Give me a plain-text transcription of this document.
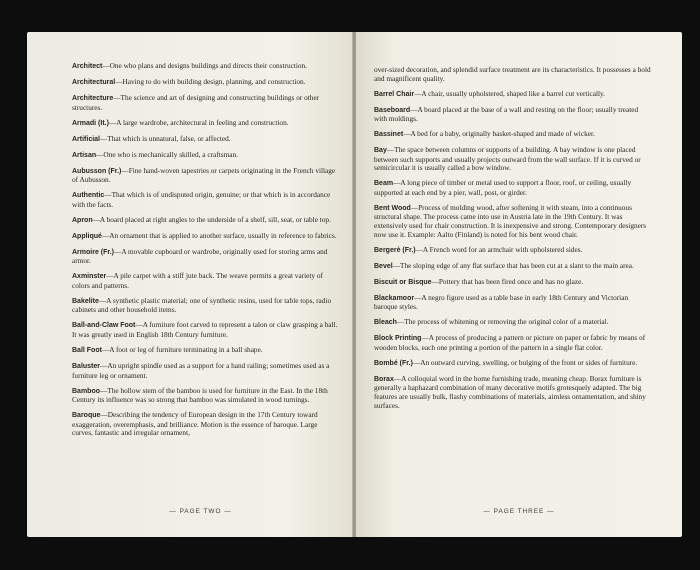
Architect—One who plans and designs buildings and directs their construction.
Architectural—Having to do with building design, planning, and construction.
Architecture—The science and art of designing and constructing buildings or other structures.
Armadi (It.)—A large wardrobe, architectural in feeling and construction.
Artificial—That which is unnatural, false, or affected.
Artisan—One who is mechanically skilled, a craftsman.
Aubusson (Fr.)—Fine hand-woven tapestries or carpets originating in the French village of Aubusson.
Authentic—That which is of undisputed origin, genuine; or that which is in accordance with the facts.
Apron—A board placed at right angles to the underside of a shelf, sill, seat, or table top.
Appliqué—An ornament that is applied to another surface, usually in reference to fabrics.
Armoire (Fr.)—A movable cupboard or wardrobe, originally used for storing arms and armor.
Axminster—A pile carpet with a stiff jute back. The weave permits a great variety of colors and patterns.
Bakelite—A synthetic plastic material; one of synthetic resins, used for table tops, radio cabinets and other household items.
Ball-and-Claw Foot—A furniture foot carved to represent a talon or claw grasping a ball. It was greatly used in English 18th Century furniture.
Ball Foot—A foot or leg of furniture terminating in a ball shape.
Baluster—An upright spindle used as a support for a hand railing; sometimes used as a furniture leg or ornament.
Bamboo—The hollow stem of the bamboo is used for furniture in the East. In the 18th Century its influence was so strong that bamboo was simulated in wood turnings.
Baroque—Describing the tendency of European design in the 17th Century toward exaggeration, overemphasis, and brilliance. Motion is the essence of baroque. Large curves, fantastic and irregular ornament,
— PAGE TWO —
over-sized decoration, and splendid surface treatment are its characteristics. It possesses a bold and magnificent quality.
Barrel Chair—A chair, usually upholstered, shaped like a barrel cut vertically.
Baseboard—A board placed at the base of a wall and resting on the floor; usually treated with moldings.
Bassinet—A bed for a baby, originally basket-shaped and made of wicker.
Bay—The space between columns or supports of a building. A bay window is one placed between such supports and usually projects outward from the wall surface. If it is curved or semicircular it is usually called a bow window.
Beam—A long piece of timber or metal used to support a floor, roof, or ceiling, usually supported at each end by a pier, wall, post, or girder.
Bent Wood—Process of molding wood, after softening it with steam, into a continuous structural shape. The process came into use in Austria late in the 19th Century. It was extensively used for chair construction. It is inexpensive and strong. Contemporary designers now use it. Example: Aalto (Finland) is noted for his bent wood chair.
Bergerè (Fr.)—A French word for an armchair with upholstered sides.
Bevel—The sloping edge of any flat surface that has been cut at a slant to the main area.
Biscuit or Bisque—Pottery that has been fired once and has no glaze.
Blackamoor—A negro figure used as a table base in early 18th Century and Victorian baroque styles.
Bleach—The process of whitening or removing the original color of a material.
Block Printing—A process of producing a pattern or picture on paper or fabric by means of wooden blocks, each one printing a portion of the pattern in a single flat color.
Bombé (Fr.)—An outward curving, swelling, or bulging of the front or sides of furniture.
Borax—A colloquial word in the home furnishing trade, meaning cheap. Borax furniture is generally a haphazard combination of many decorative motifs grotesquely adapted. The big features are usually bulk, flashy combinations of materials, aimless ornamentation, and shiny surfaces.
— PAGE THREE —
